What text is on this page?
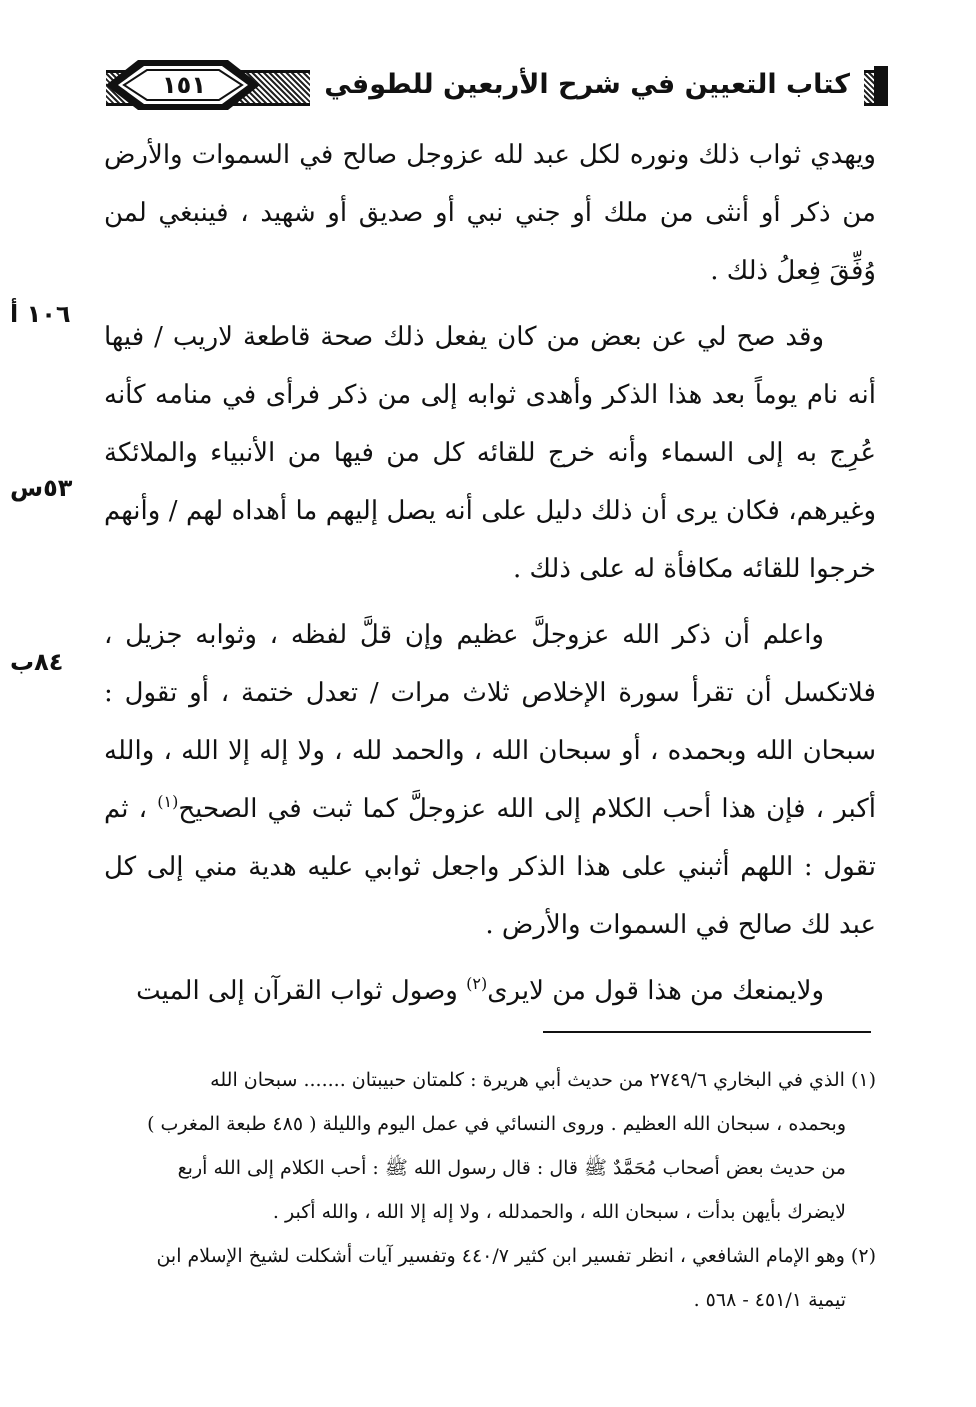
كتاب التعيين في شرح الأربعين للطوفي
١٥١
١٠٦ أ
٥٣س
٨٤ب

ويهدي ثواب ذلك ونوره لكل عبد لله عزوجل صالح في السموات والأرض من ذكر أو أنثى من ملك أو جني نبي أو صديق أو شهيد ، فينبغي لمن وُفِّقَ فِعلُ ذلك .

وقد صح لي عن بعض من كان يفعل ذلك صحة قاطعة لاريب / فيها أنه نام يوماً بعد هذا الذكر وأهدى ثوابه إلى من ذكر فرأى في منامه كأنه عُرِج به إلى السماء وأنه خرج للقائه كل من فيها من الأنبياء والملائكة وغيرهم، فكان يرى أن ذلك دليل على أنه يصل إليهم ما أهداه لهم / وأنهم خرجوا للقائه مكافأة له على ذلك .

واعلم أن ذكر الله عزوجلَّ عظيم وإن قلَّ لفظه ، وثوابه جزيل ، فلاتكسل أن تقرأ سورة الإخلاص ثلاث مرات / تعدل ختمة ، أو تقول : سبحان الله وبحمده ، أو سبحان الله ، والحمد لله ، ولا إله إلا الله ، والله أكبر ، فإن هذا أحب الكلام إلى الله عزوجلَّ كما ثبت في الصحيح$^{(١)}$ ، ثم تقول : اللهم أثبني على هذا الذكر واجعل ثوابي عليه هدية مني إلى كل عبد لك صالح في السموات والأرض .

ولايمنعك من هذا قول من لايرى$^{(٢)}$ وصول ثواب القرآن إلى الميت

(١) الذي في البخاري ٢٧٤٩/٦ من حديث أبي هريرة : كلمتان حبيبتان ....... سبحان الله

وبحمده ، سبحان الله العظيم . وروى النسائي في عمل اليوم والليلة ( ٤٨٥ طبعة المغرب )

من حديث بعض أصحاب مُحَمَّدٌ ﷺ قال : قال رسول الله ﷺ : أحب الكلام إلى الله أربع

لايضرك بأيهن بدأت ، سبحان الله ، والحمدلله ، ولا إله إلا الله ، والله أكبر .

(٢) وهو الإمام الشافعي ، انظر تفسير ابن كثير ٤٤٠/٧ وتفسير آيات أشكلت لشيخ الإسلام ابن

تيمية ٤٥١/١ - ٥٦٨ .
